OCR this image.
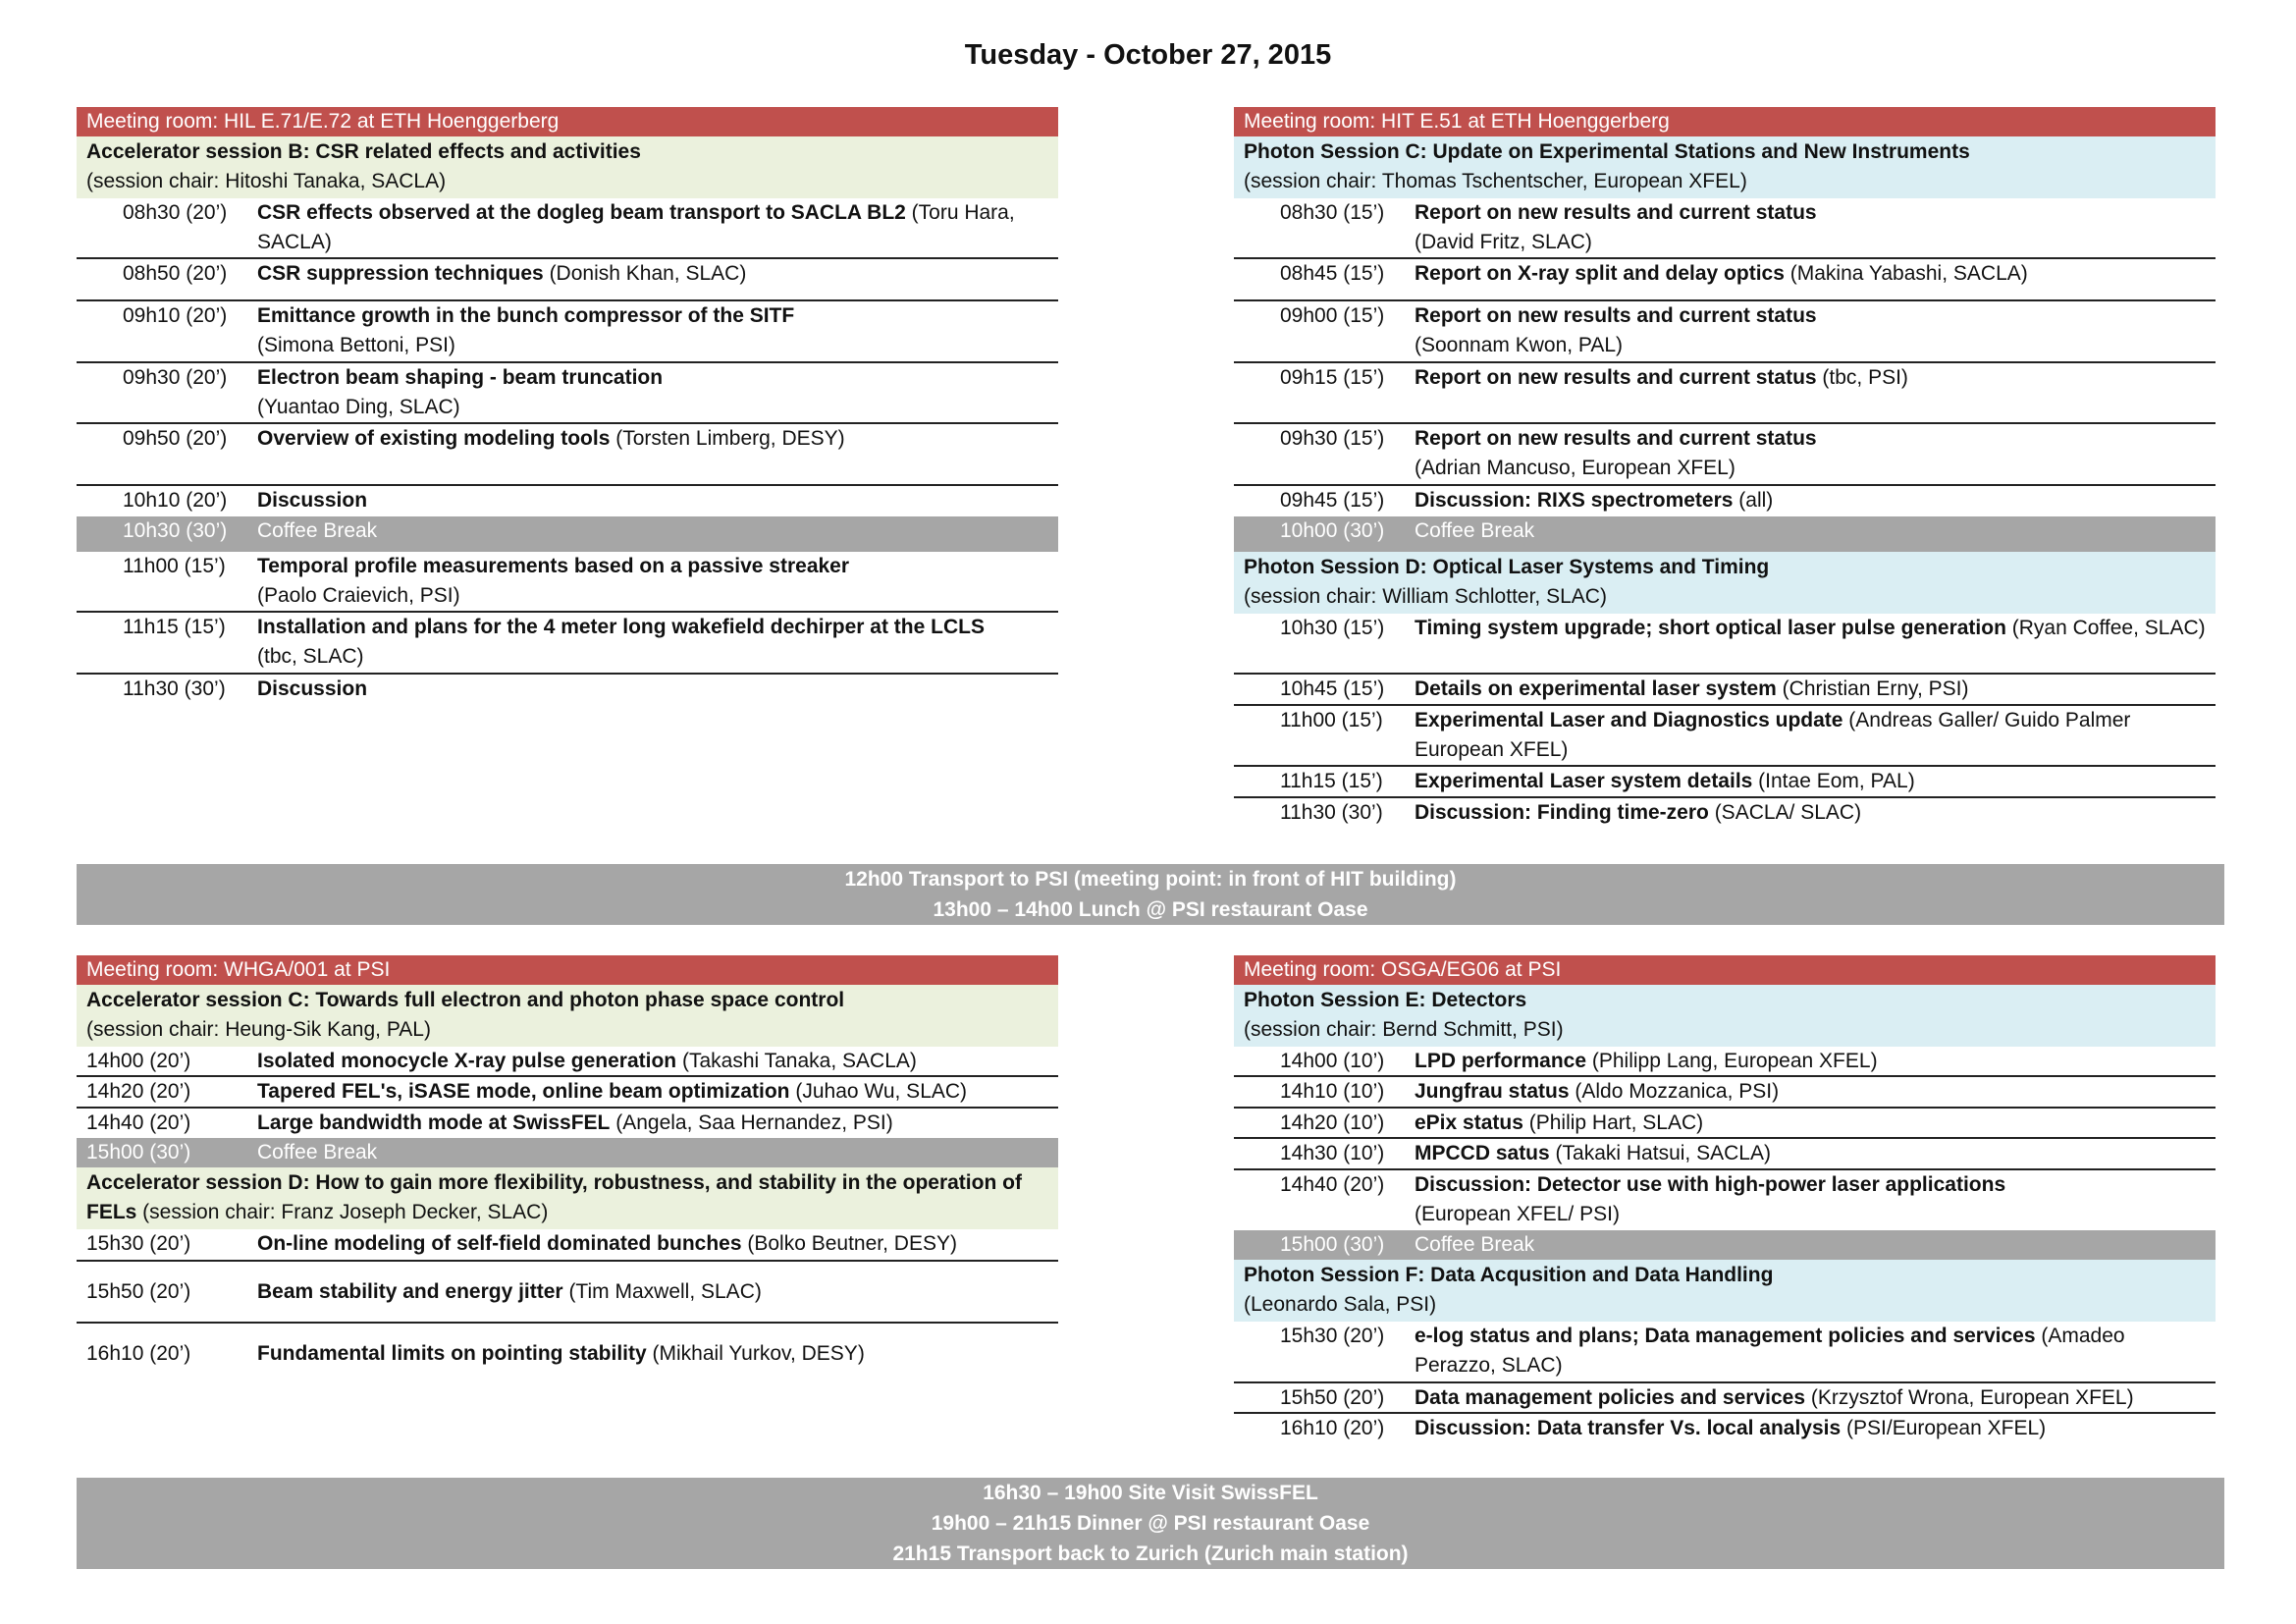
Tuesday - October 27, 2015
Meeting room: HIL E.71/E.72 at ETH Hoenggerberg
Accelerator session B: CSR related effects and activities
(session chair: Hitoshi Tanaka, SACLA)
08h30 (20’)	CSR effects observed at the dogleg beam transport to SACLA BL2 (Toru Hara, SACLA)
08h50 (20’)	CSR suppression techniques (Donish Khan, SLAC)
09h10 (20’)	Emittance growth in the bunch compressor of the SITF
(Simona Bettoni, PSI)
09h30 (20’)	Electron beam shaping - beam truncation
(Yuantao Ding, SLAC)
09h50 (20’)	Overview of existing modeling tools (Torsten Limberg, DESY)
10h10 (20’)	Discussion
10h30 (30’)	Coffee Break
11h00 (15’)	Temporal profile measurements based on a passive streaker
(Paolo Craievich, PSI)
11h15 (15’)	Installation and plans for the 4 meter long wakefield dechirper at the LCLS
(tbc, SLAC)
11h30 (30’)	Discussion
Meeting room: HIT E.51 at ETH Hoenggerberg
Photon Session C: Update on Experimental Stations and New Instruments
(session chair: Thomas Tschentscher, European XFEL)
08h30 (15’)	Report on new results and current status
(David Fritz, SLAC)
08h45 (15’)	Report on X-ray split and delay optics (Makina Yabashi, SACLA)
09h00 (15’)	Report on new results and current status
(Soonnam Kwon, PAL)
09h15 (15’)	Report on new results and current status (tbc, PSI)
09h30 (15’)	Report on new results and current status
(Adrian Mancuso, European XFEL)
09h45 (15’)	Discussion: RIXS spectrometers (all)
10h00 (30’)	Coffee Break
Photon Session D: Optical Laser Systems and Timing
(session chair: William Schlotter, SLAC)
10h30 (15’)	Timing system upgrade; short optical laser pulse generation (Ryan Coffee, SLAC)
10h45 (15’)	Details on experimental laser system (Christian Erny, PSI)
11h00 (15’)	Experimental Laser and Diagnostics update (Andreas Galler/ Guido Palmer European XFEL)
11h15 (15’)	Experimental Laser system details (Intae Eom, PAL)
11h30 (30’)	Discussion: Finding time-zero (SACLA/ SLAC)
12h00 Transport to PSI (meeting point: in front of HIT building)
13h00 – 14h00 Lunch @ PSI restaurant Oase
Meeting room: WHGA/001 at PSI
Accelerator session C: Towards full electron and photon phase space control
(session chair: Heung-Sik Kang, PAL)
14h00 (20’)	Isolated monocycle X-ray pulse generation (Takashi Tanaka, SACLA)
14h20 (20’)	Tapered FEL's, iSASE mode, online beam optimization (Juhao Wu, SLAC)
14h40 (20’)	Large bandwidth mode at SwissFEL (Angela, Saa Hernandez, PSI)
15h00 (30’)	Coffee Break
Accelerator session D: How to gain more flexibility, robustness, and stability in the operation of FELs (session chair: Franz Joseph Decker, SLAC)
15h30 (20’)	On-line modeling of self-field dominated bunches (Bolko Beutner, DESY)
15h50 (20’)	Beam stability and energy jitter (Tim Maxwell, SLAC)
16h10 (20’)	Fundamental limits on pointing stability (Mikhail Yurkov, DESY)
Meeting room: OSGA/EG06 at PSI
Photon Session E: Detectors
(session chair: Bernd Schmitt, PSI)
14h00 (10’)	LPD performance (Philipp Lang, European XFEL)
14h10 (10’)	Jungfrau status (Aldo Mozzanica, PSI)
14h20 (10’)	ePix status (Philip Hart, SLAC)
14h30 (10’)	MPCCD satus (Takaki Hatsui, SACLA)
14h40 (20’)	Discussion: Detector use with high-power laser applications
(European XFEL/ PSI)
15h00 (30’)	Coffee Break
Photon Session F: Data Acqusition and Data Handling
(Leonardo Sala, PSI)
15h30 (20’)	e-log status and plans; Data management policies and services (Amadeo Perazzo, SLAC)
15h50 (20’)	Data management policies and services (Krzysztof Wrona, European XFEL)
16h10 (20’)	Discussion: Data transfer Vs. local analysis (PSI/European XFEL)
16h30 – 19h00 Site Visit SwissFEL
19h00 – 21h15 Dinner @ PSI restaurant Oase
21h15 Transport back to Zurich (Zurich main station)
